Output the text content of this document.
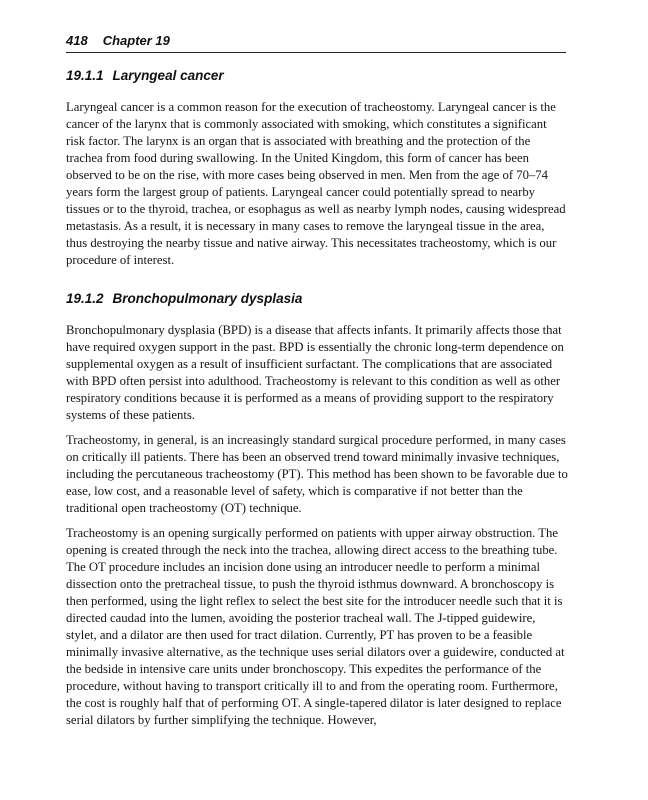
418 Chapter 19
19.1.1 Laryngeal cancer

Laryngeal cancer is a common reason for the execution of tracheostomy. Laryngeal cancer is the cancer of the larynx that is commonly associated with smoking, which constitutes a significant risk factor. The larynx is an organ that is associated with breathing and the protection of the trachea from food during swallowing. In the United Kingdom, this form of cancer has been observed to be on the rise, with more cases being observed in men. Men from the age of 70–74 years form the largest group of patients. Laryngeal cancer could potentially spread to nearby tissues or to the thyroid, trachea, or esophagus as well as nearby lymph nodes, causing widespread metastasis. As a result, it is necessary in many cases to remove the laryngeal tissue in the area, thus destroying the nearby tissue and native airway. This necessitates tracheostomy, which is our procedure of interest.

19.1.2 Bronchopulmonary dysplasia

Bronchopulmonary dysplasia (BPD) is a disease that affects infants. It primarily affects those that have required oxygen support in the past. BPD is essentially the chronic long-term dependence on supplemental oxygen as a result of insufficient surfactant. The complications that are associated with BPD often persist into adulthood. Tracheostomy is relevant to this condition as well as other respiratory conditions because it is performed as a means of providing support to the respiratory systems of these patients.

Tracheostomy, in general, is an increasingly standard surgical procedure performed, in many cases on critically ill patients. There has been an observed trend toward minimally invasive techniques, including the percutaneous tracheostomy (PT). This method has been shown to be favorable due to ease, low cost, and a reasonable level of safety, which is comparative if not better than the traditional open tracheostomy (OT) technique.

Tracheostomy is an opening surgically performed on patients with upper airway obstruction. The opening is created through the neck into the trachea, allowing direct access to the breathing tube. The OT procedure includes an incision done using an introducer needle to perform a minimal dissection onto the pretracheal tissue, to push the thyroid isthmus downward. A bronchoscopy is then performed, using the light reflex to select the best site for the introducer needle such that it is directed caudad into the lumen, avoiding the posterior tracheal wall. The J-tipped guidewire, stylet, and a dilator are then used for tract dilation. Currently, PT has proven to be a feasible minimally invasive alternative, as the technique uses serial dilators over a guidewire, conducted at the bedside in intensive care units under bronchoscopy. This expedites the performance of the procedure, without having to transport critically ill to and from the operating room. Furthermore, the cost is roughly half that of performing OT. A single-tapered dilator is later designed to replace serial dilators by further simplifying the technique. However,
